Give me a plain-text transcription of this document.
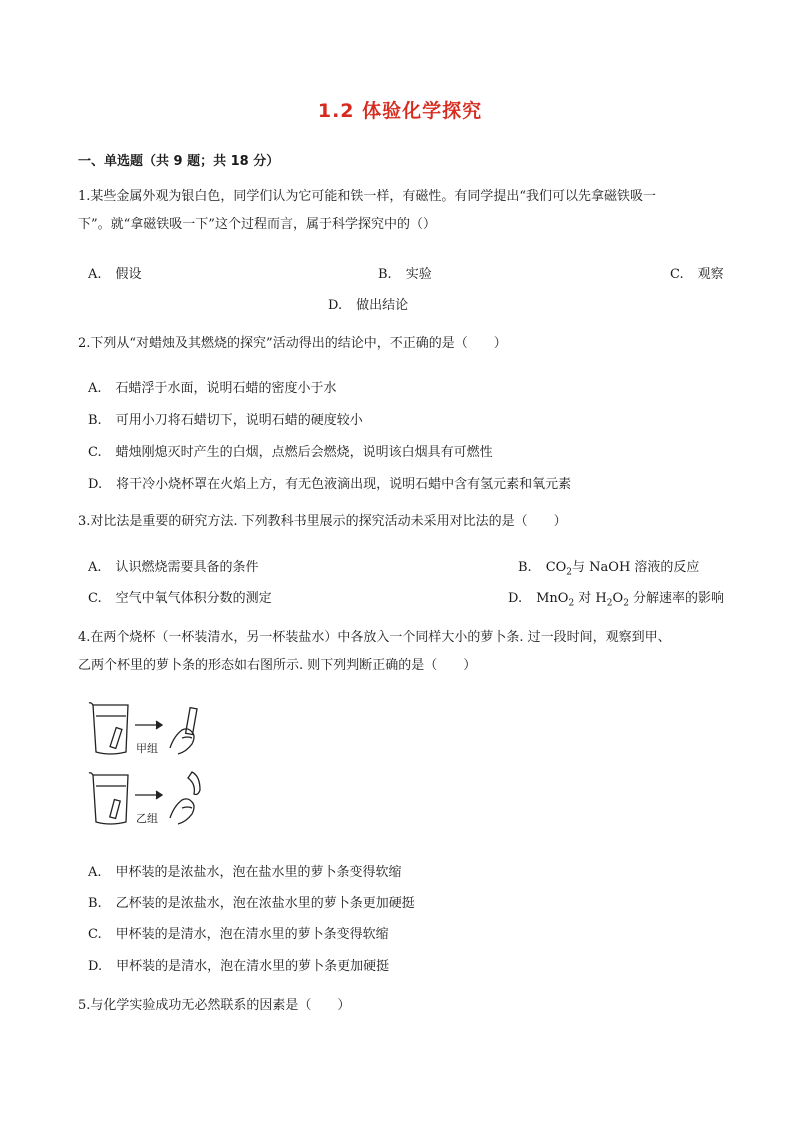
1.2 体验化学探究
一、单选题（共 9 题；共 18 分）
1.某些金属外观为银白色，同学们认为它可能和铁一样，有磁性。有同学提出“我们可以先拿磁铁吸一
下”。就“拿磁铁吸一下”这个过程而言，属于科学探究中的（）
A. 假设	B. 实验	C. 观察
D. 做出结论
2.下列从“对蜡烛及其燃烧的探究”活动得出的结论中，不正确的是（　　）
A. 石蜡浮于水面，说明石蜡的密度小于水
B. 可用小刀将石蜡切下，说明石蜡的硬度较小
C. 蜡烛刚熄灭时产生的白烟，点燃后会燃烧，说明该白烟具有可燃性
D. 将干冷小烧杯罩在火焰上方，有无色液滴出现，说明石蜡中含有氢元素和氧元素
3.对比法是重要的研究方法. 下列教科书里展示的探究活动未采用对比法的是（　　）
A. 认识燃烧需要具备的条件	B. $CO_2$与 NaOH 溶液的反应
C. 空气中氧气体积分数的测定	D. MnO$_2$ 对 $H_2O_2$ 分解速率的影响
4.在两个烧杯（一杯装清水，另一杯装盐水）中各放入一个同样大小的萝卜条. 过一段时间，观察到甲、
乙两个杯里的萝卜条的形态如右图所示. 则下列判断正确的是（　　）
甲组
乙组
A. 甲杯装的是浓盐水，泡在盐水里的萝卜条变得软缩
B. 乙杯装的是浓盐水，泡在浓盐水里的萝卜条更加硬挺
C. 甲杯装的是清水，泡在清水里的萝卜条变得软缩
D. 甲杯装的是清水，泡在清水里的萝卜条更加硬挺
5.与化学实验成功无必然联系的因素是（　　）
